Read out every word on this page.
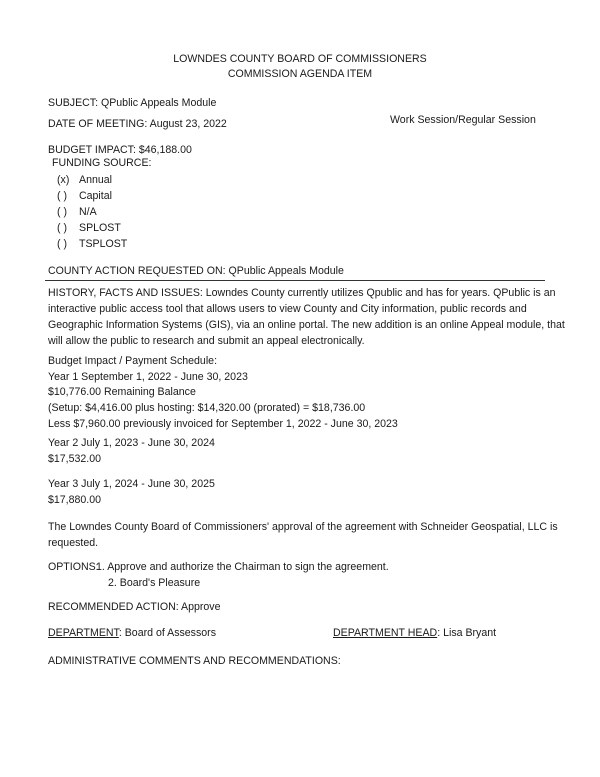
LOWNDES COUNTY BOARD OF COMMISSIONERS
COMMISSION AGENDA ITEM
SUBJECT: QPublic Appeals Module
DATE OF MEETING: August 23, 2022	Work Session/Regular Session
BUDGET IMPACT: $46,188.00
FUNDING SOURCE:
(x) Annual
( ) Capital
( ) N/A
( ) SPLOST
( ) TSPLOST
COUNTY ACTION REQUESTED ON: QPublic Appeals Module
HISTORY, FACTS AND ISSUES: Lowndes County currently utilizes Qpublic and has for years. QPublic is an
interactive public access tool that allows users to view County and City information, public records and
Geographic Information Systems (GIS), via an online portal. The new addition is an online Appeal module, that
will allow the public to research and submit an appeal electronically.
Budget Impact / Payment Schedule:
Year 1 September 1, 2022 - June 30, 2023
$10,776.00 Remaining Balance
(Setup: $4,416.00 plus hosting: $14,320.00 (prorated) = $18,736.00
Less $7,960.00 previously invoiced for September 1, 2022 - June 30, 2023
Year 2 July 1, 2023 - June 30, 2024
$17,532.00
Year 3 July 1, 2024 - June 30, 2025
$17,880.00
The Lowndes County Board of Commissioners' approval of the agreement with Schneider Geospatial, LLC is
requested.
OPTIONS:
1. Approve and authorize the Chairman to sign the agreement.
2. Board's Pleasure
RECOMMENDED ACTION: Approve
DEPARTMENT: Board of Assessors	DEPARTMENT HEAD: Lisa Bryant
ADMINISTRATIVE COMMENTS AND RECOMMENDATIONS:
